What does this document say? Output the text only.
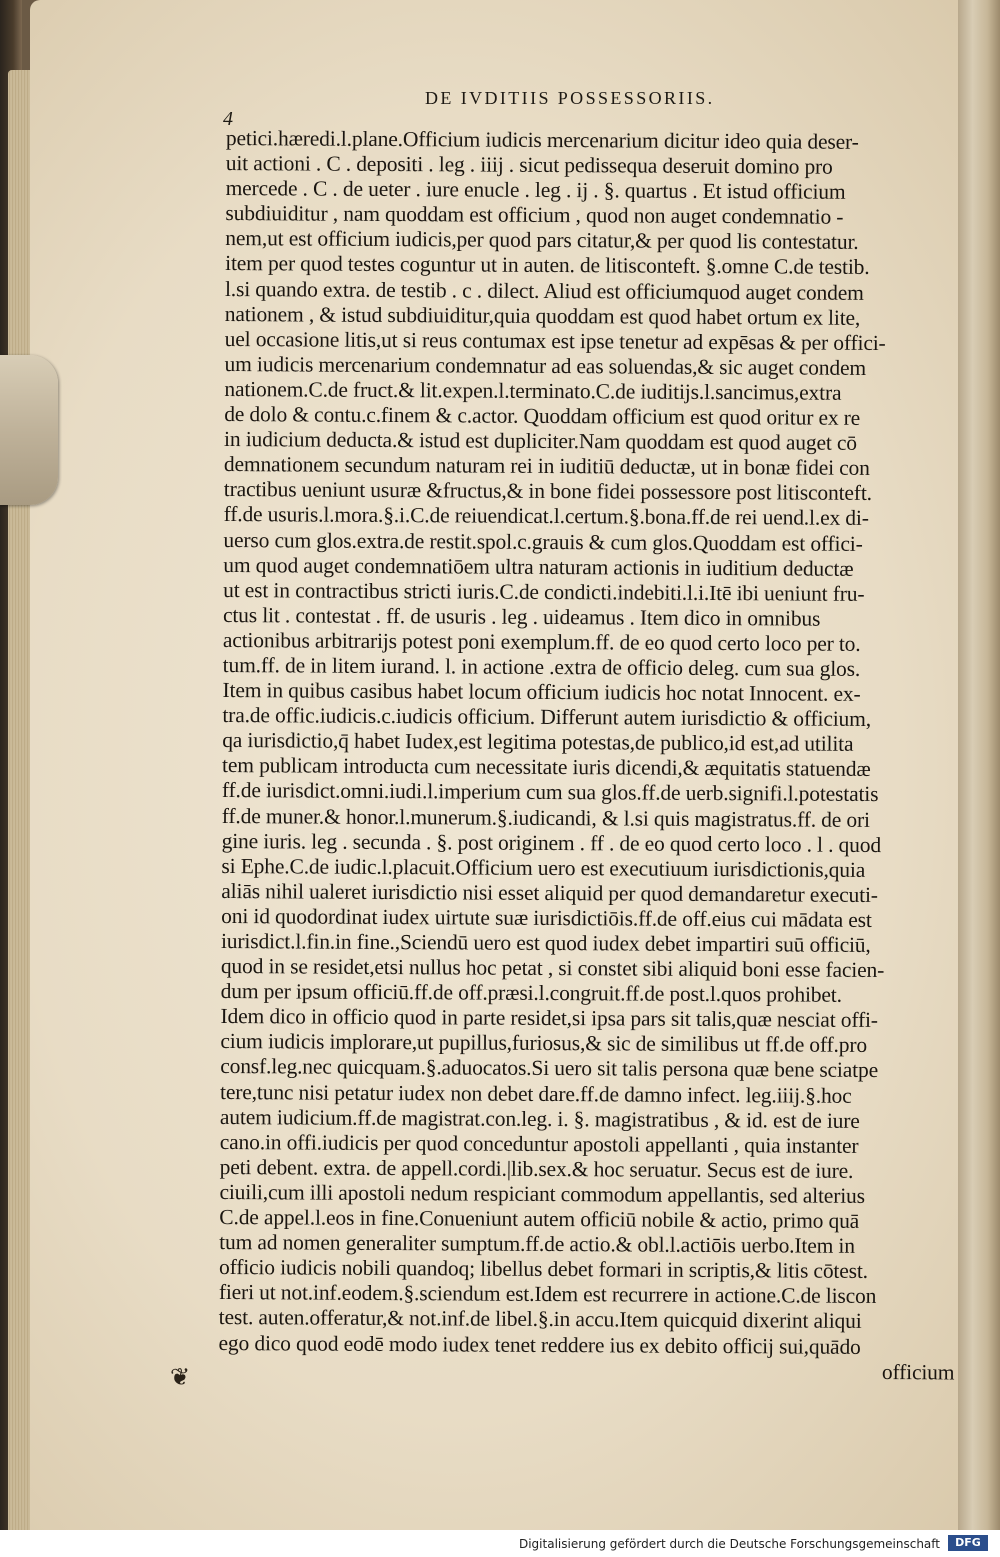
DE IVDITIIS POSSESSORIIS.
4
petici.hæredi.l.plane.Officium iudicis mercenarium dicitur ideo quia deser-
uit actioni . C . depositi . leg . iiij . sicut pedissequa deseruit domino pro
mercede . C . de ueter . iure enucle . leg . ij . §. quartus . Et istud officium
subdiuiditur , nam quoddam est officium , quod non auget condemnatio -
nem,ut est officium iudicis,per quod pars citatur,& per quod lis contestatur.
item per quod testes coguntur ut in auten. de litisconteft. §.omne C.de testib.
l.si quando extra. de testib . c . dilect. Aliud est officiumquod auget condem
nationem , & istud subdiuiditur,quia quoddam est quod habet ortum ex lite,
uel occasione litis,ut si reus contumax est ipse tenetur ad expēsas & per offici-
um iudicis mercenarium condemnatur ad eas soluendas,& sic auget condem
nationem.C.de fruct.& lit.expen.l.terminato.C.de iuditijs.l.sancimus,extra
de dolo & contu.c.finem & c.actor. Quoddam officium est quod oritur ex re
in iudicium deducta.& istud est dupliciter.Nam quoddam est quod auget cō
demnationem secundum naturam rei in iuditiū deductæ, ut in bonæ fidei con
tractibus ueniunt usuræ &fructus,& in bone fidei possessore post litisconteft.
ff.de usuris.l.mora.§.i.C.de reiuendicat.l.certum.§.bona.ff.de rei uend.l.ex di-
uerso cum glos.extra.de restit.spol.c.grauis & cum glos.Quoddam est offici-
um quod auget condemnatiōem ultra naturam actionis in iuditium deductæ
ut est in contractibus stricti iuris.C.de condicti.indebiti.l.i.Itē ibi ueniunt fru-
ctus lit . contestat . ff. de usuris . leg . uideamus . Item dico in omnibus
actionibus arbitrarijs potest poni exemplum.ff. de eo quod certo loco per to.
tum.ff. de in litem iurand. l. in actione .extra de officio deleg. cum sua glos.
Item in quibus casibus habet locum officium iudicis hoc notat Innocent. ex-
tra.de offic.iudicis.c.iudicis officium. Differunt autem iurisdictio & officium,
qa iurisdictio,q̄ habet Iudex,est legitima potestas,de publico,id est,ad utilita
tem publicam introducta cum necessitate iuris dicendi,& æquitatis statuendæ
ff.de iurisdict.omni.iudi.l.imperium cum sua glos.ff.de uerb.signifi.l.potestatis
ff.de muner.& honor.l.munerum.§.iudicandi, & l.si quis magistratus.ff. de ori
gine iuris. leg . secunda . §. post originem . ff . de eo quod certo loco . l . quod
si Ephe.C.de iudic.l.placuit.Officium uero est executiuum iurisdictionis,quia
aliās nihil ualeret iurisdictio nisi esset aliquid per quod demandaretur executi-
oni id quodordinat iudex uirtute suæ iurisdictiōis.ff.de off.eius cui mādata est
iurisdict.l.fin.in fine.,Sciendū uero est quod iudex debet impartiri suū officiū,
quod in se residet,etsi nullus hoc petat , si constet sibi aliquid boni esse facien-
dum per ipsum officiū.ff.de off.præsi.l.congruit.ff.de post.l.quos prohibet.
Idem dico in officio quod in parte residet,si ipsa pars sit talis,quæ nesciat offi-
cium iudicis implorare,ut pupillus,furiosus,& sic de similibus ut ff.de off.pro
consf.leg.nec quicquam.§.aduocatos.Si uero sit talis persona quæ bene sciatpe
tere,tunc nisi petatur iudex non debet dare.ff.de damno infect. leg.iiij.§.hoc
autem iudicium.ff.de magistrat.con.leg. i. §. magistratibus , & id. est de iure
cano.in offi.iudicis per quod conceduntur apostoli appellanti , quia instanter
peti debent. extra. de appell.cordi.|lib.sex.& hoc seruatur. Secus est de iure.
ciuili,cum illi apostoli nedum respiciant commodum appellantis, sed alterius
C.de appel.l.eos in fine.Conueniunt autem officiū nobile & actio, primo quā
tum ad nomen generaliter sumptum.ff.de actio.& obl.l.actiōis uerbo.Item in
officio iudicis nobili quandoq; libellus debet formari in scriptis,& litis cōtest.
fieri ut not.inf.eodem.§.sciendum est.Idem est recurrere in actione.C.de liscon
test. auten.offeratur,& not.inf.de libel.§.in accu.Item quicquid dixerint aliqui
ego dico quod eodē modo iudex tenet reddere ius ex debito officij sui,quādo
officium
❦
Digitalisierung gefördert durch die Deutsche Forschungsgemeinschaft	DFG
